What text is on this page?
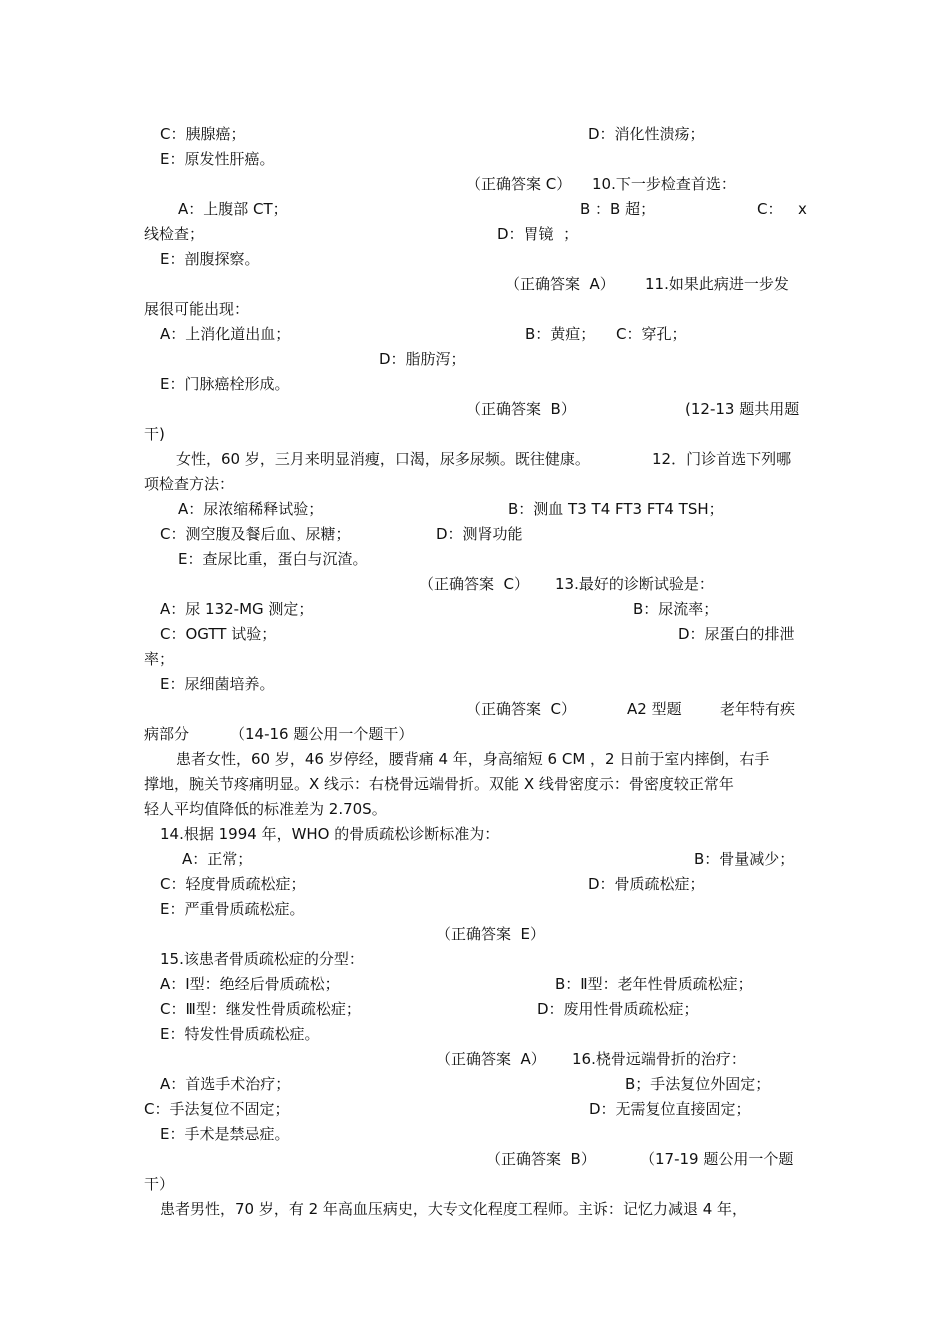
C：胰腺癌；	D：消化性溃疡；
E：原发性肝癌。
（正确答案 C） 10.下一步检查首选：
A：上腹部 CT；	B ：B 超；	C： x
线检查；	D：胃镜  ；
E：剖腹探察。
（正确答案  A） 11.如果此病进一步发
展很可能出现：
A：上消化道出血；	B：黄疸； C：穿孔；
D：脂肪泻；
E：门脉癌栓形成。
（正确答案  B）	(12-13 题共用题
干)
女性，60 岁，三月来明显消瘦，口渴，尿多尿频。既往健康。	12．门诊首选下列哪
项检查方法：
A：尿浓缩稀释试验；	B：测血 T3 T4 FT3 FT4 TSH；
C：测空腹及餐后血、尿糖；	D：测肾功能
E：查尿比重，蛋白与沉渣。
（正确答案  C） 13.最好的诊断试验是：
A：尿 132-MG 测定；	B：尿流率；
C：OGTT 试验；	D：尿蛋白的排泄
率；
E：尿细菌培养。
（正确答案  C）	A2 型题	老年特有疾
病部分	（14-16 题公用一个题干）
患者女性，60 岁，46 岁停经，腰背痛 4 年，身高缩短 6 CM ，2 日前于室内摔倒，右手
撑地，腕关节疼痛明显。X 线示：右桡骨远端骨折。双能 X 线骨密度示：骨密度较正常年
轻人平均值降低的标准差为 2.70S。
14.根据 1994 年，WHO 的骨质疏松诊断标准为：
A：正常；	B：骨量减少；
C：轻度骨质疏松症；	D：骨质疏松症；
E：严重骨质疏松症。
（正确答案  E）
15.该患者骨质疏松症的分型：
A：Ⅰ型：绝经后骨质疏松；	B：Ⅱ型：老年性骨质疏松症；
C：Ⅲ型：继发性骨质疏松症；	D：废用性骨质疏松症；
E：特发性骨质疏松症。
（正确答案  A） 16.桡骨远端骨折的治疗：
A：首选手术治疗；	B；手法复位外固定；
C：手法复位不固定；	D：无需复位直接固定；
E：手术是禁忌症。
（正确答案  B）	（17-19 题公用一个题
干）
患者男性，70 岁，有 2 年高血压病史，大专文化程度工程师。主诉：记忆力减退 4 年，
